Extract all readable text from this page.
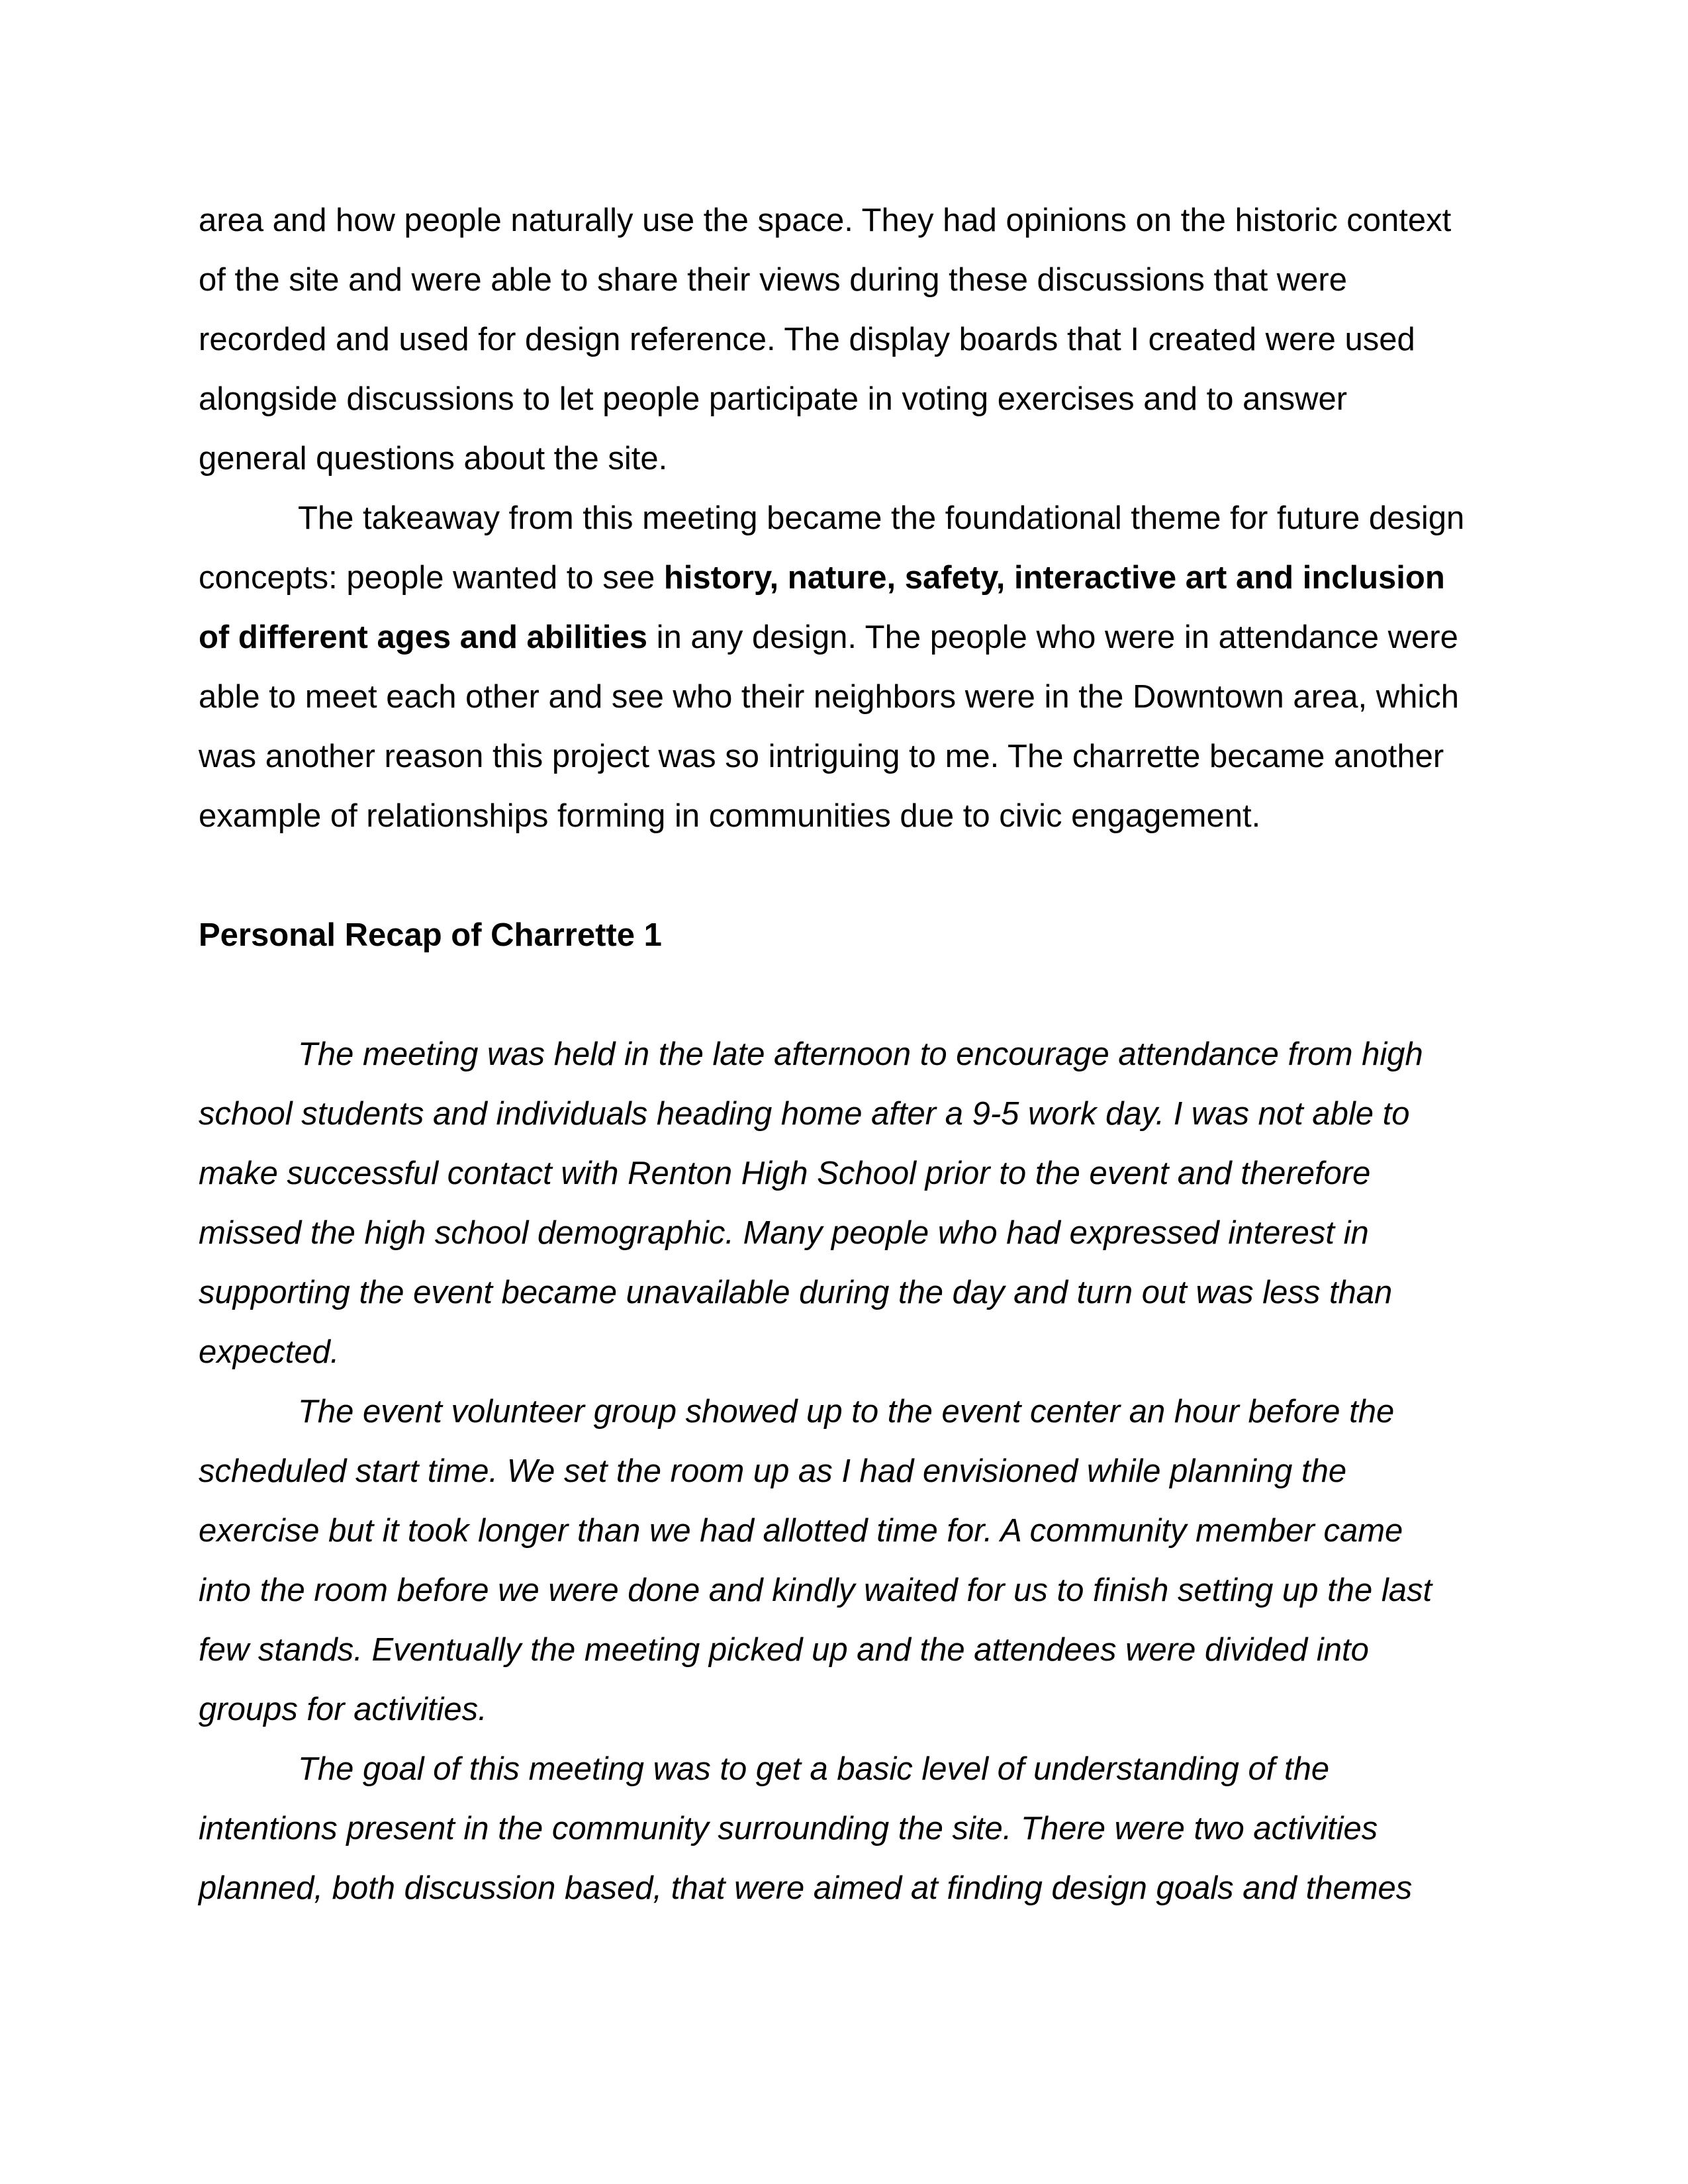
area and how people naturally use the space. They had opinions on the historic context
of the site and were able to share their views during these discussions that were
recorded and used for design reference. The display boards that I created were used
alongside discussions to let people participate in voting exercises and to answer
general questions about the site.
The takeaway from this meeting became the foundational theme for future design
concepts: people wanted to see history, nature, safety, interactive art and inclusion
of different ages and abilities in any design. The people who were in attendance were
able to meet each other and see who their neighbors were in the Downtown area, which
was another reason this project was so intriguing to me. The charrette became another
example of relationships forming in communities due to civic engagement.
Personal Recap of Charrette 1
The meeting was held in the late afternoon to encourage attendance from high
school students and individuals heading home after a 9-5 work day. I was not able to
make successful contact with Renton High School prior to the event and therefore
missed the high school demographic. Many people who had expressed interest in
supporting the event became unavailable during the day and turn out was less than
expected.
The event volunteer group showed up to the event center an hour before the
scheduled start time. We set the room up as I had envisioned while planning the
exercise but it took longer than we had allotted time for. A community member came
into the room before we were done and kindly waited for us to finish setting up the last
few stands. Eventually the meeting picked up and the attendees were divided into
groups for activities.
The goal of this meeting was to get a basic level of understanding of the
intentions present in the community surrounding the site. There were two activities
planned, both discussion based, that were aimed at finding design goals and themes
